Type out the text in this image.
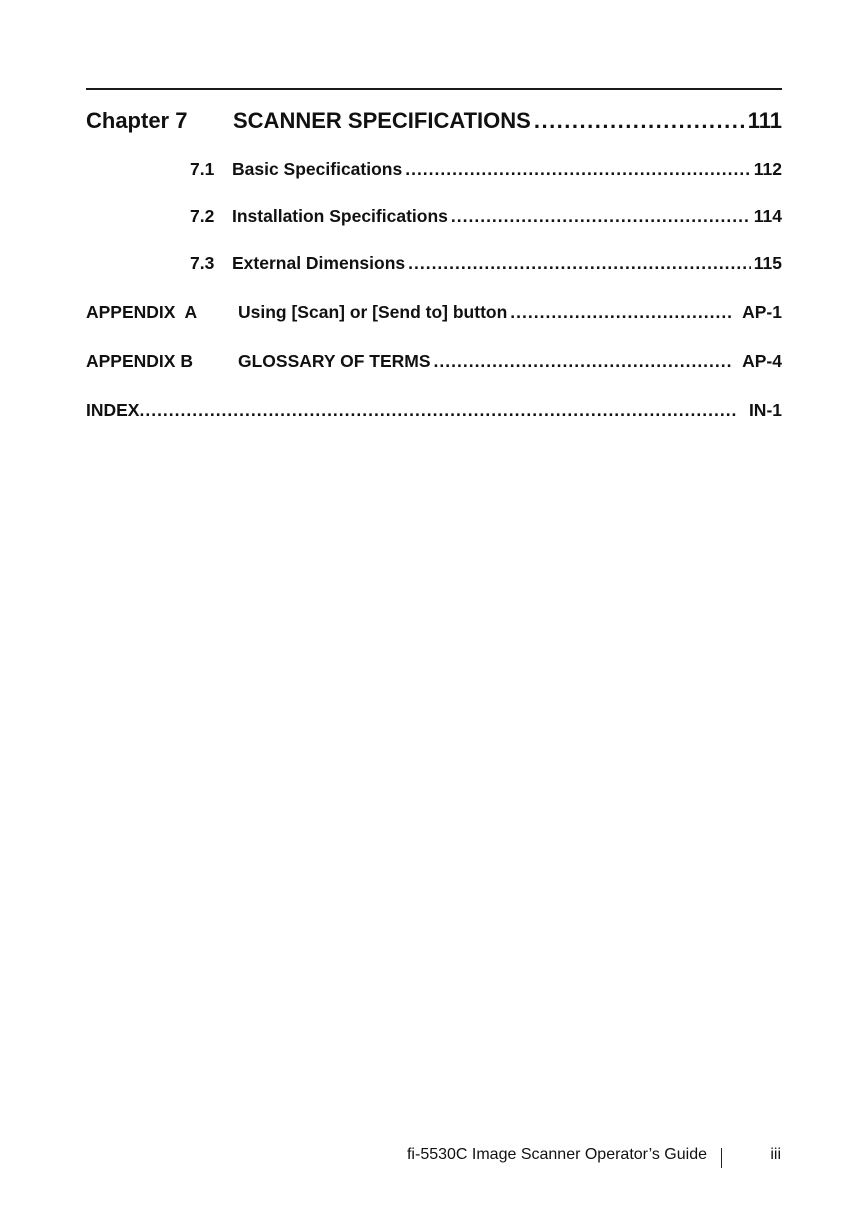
Chapter 7	SCANNER SPECIFICATIONS .....	111
7.1	Basic Specifications .....	112
7.2	Installation Specifications .....	114
7.3	External Dimensions .....	115
APPENDIX  A	Using [Scan] or [Send to] button .....	AP-1
APPENDIX B	GLOSSARY OF TERMS .....	AP-4
INDEX .....	IN-1
fi-5530C Image Scanner Operator’s Guide	iii
